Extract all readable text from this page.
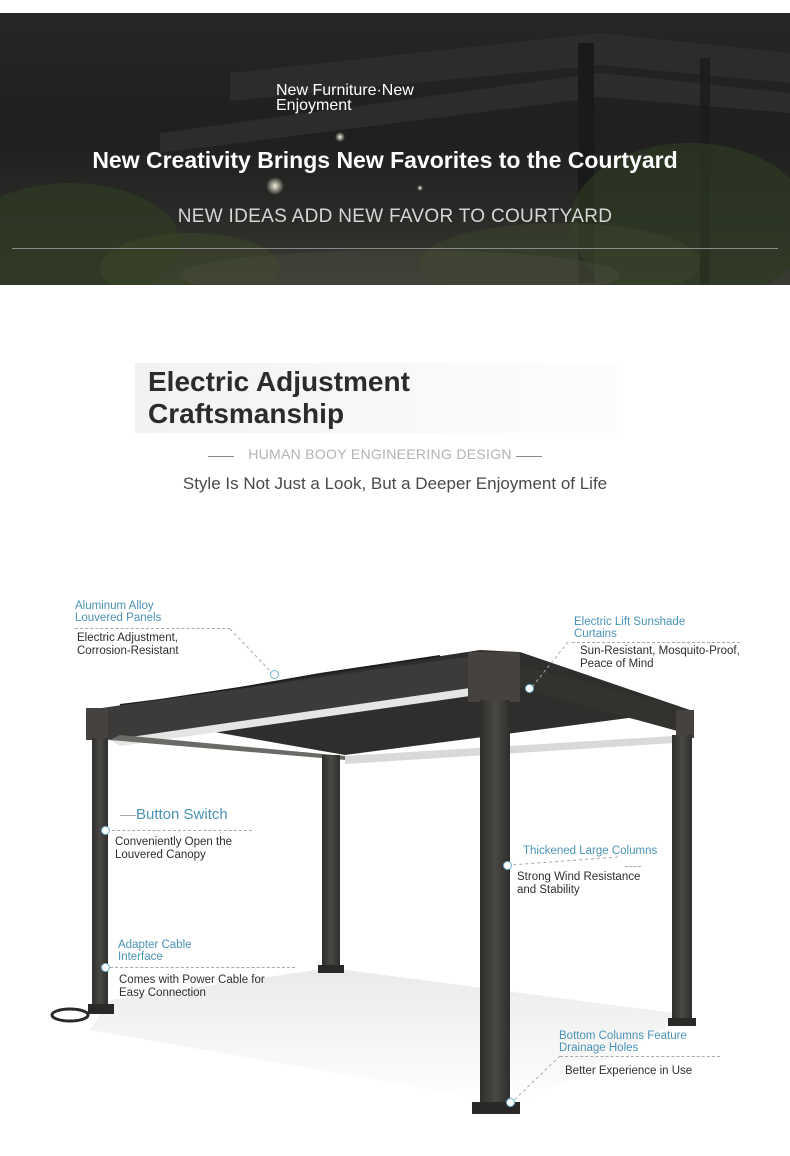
New Furniture·New Enjoyment
New Creativity Brings New Favorites to the Courtyard
NEW IDEAS ADD NEW FAVOR TO COURTYARD
Electric Adjustment
Craftsmanship
HUMAN BOOY ENGINEERING DESIGN
Style Is Not Just a Look, But a Deeper Enjoyment of Life
Aluminum Alloy
Louvered Panels
Electric Adjustment,
Corrosion-Resistant
Electric Lift Sunshade
Curtains
Sun-Resistant, Mosquito-Proof,
Peace of Mind
Button Switch
Conveniently Open the
Louvered Canopy	Thickened Large Columns
Strong Wind Resistance
and Stability
Adapter Cable
Interface
Comes with Power Cable for
Easy Connection
Bottom Columns Feature
Drainage Holes
Better Experience in Use
